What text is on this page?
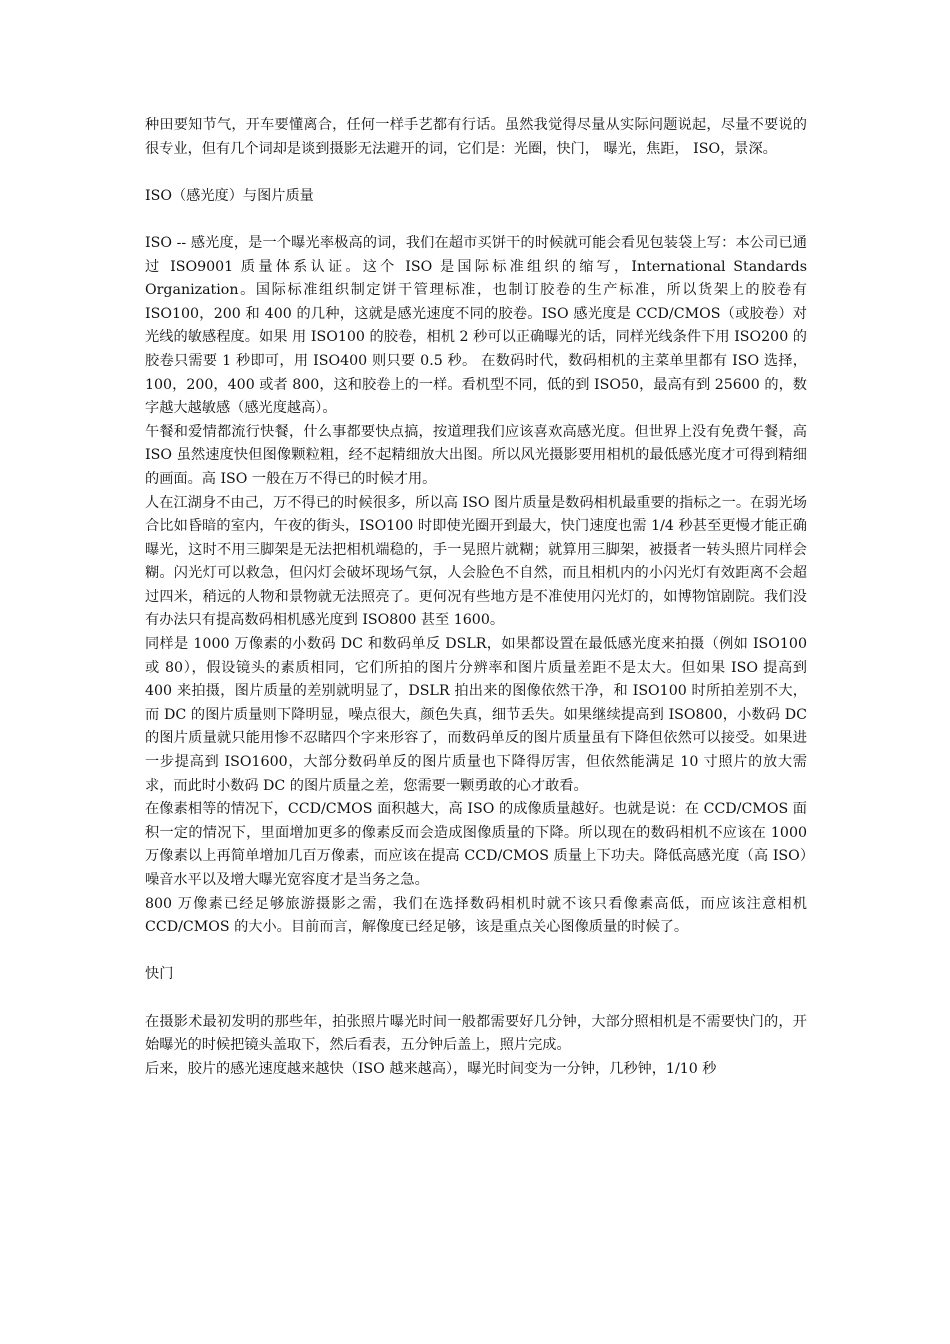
种田要知节气，开车要懂离合，任何一样手艺都有行话。虽然我觉得尽量从实际问题说起，尽量不要说的很专业，但有几个词却是谈到摄影无法避开的词，它们是：光圈，快门， 曝光，焦距， ISO，景深。

ISO（感光度）与图片质量

ISO -- 感光度，是一个曝光率极高的词，我们在超市买饼干的时候就可能会看见包装袋上写：本公司已通过 ISO9001 质量体系认证。这个 ISO 是国际标准组织的缩写，International Standards Organization。国际标准组织制定饼干管理标准，也制订胶卷的生产标准，所以货架上的胶卷有 ISO100，200 和 400 的几种，这就是感光速度不同的胶卷。ISO 感光度是 CCD/CMOS（或胶卷）对光线的敏感程度。如果 用 ISO100 的胶卷，相机 2 秒可以正确曝光的话，同样光线条件下用 ISO200 的胶卷只需要 1 秒即可，用 ISO400 则只要 0.5 秒。 在数码时代，数码相机的主菜单里都有 ISO 选择，100，200，400 或者 800，这和胶卷上的一样。看机型不同，低的到 ISO50，最高有到 25600 的，数字越大越敏感（感光度越高）。

午餐和爱情都流行快餐，什么事都要快点搞，按道理我们应该喜欢高感光度。但世界上没有免费午餐，高 ISO 虽然速度快但图像颗粒粗，经不起精细放大出图。所以风光摄影要用相机的最低感光度才可得到精细的画面。高 ISO 一般在万不得已的时候才用。

人在江湖身不由己，万不得已的时候很多，所以高 ISO 图片质量是数码相机最重要的指标之一。在弱光场合比如昏暗的室内，午夜的街头，ISO100 时即使光圈开到最大，快门速度也需 1/4 秒甚至更慢才能正确曝光，这时不用三脚架是无法把相机端稳的，手一晃照片就糊；就算用三脚架，被摄者一转头照片同样会糊。闪光灯可以救急，但闪灯会破坏现场气氛，人会脸色不自然，而且相机内的小闪光灯有效距离不会超过四米，稍远的人物和景物就无法照亮了。更何况有些地方是不准使用闪光灯的，如博物馆剧院。我们没有办法只有提高数码相机感光度到 ISO800 甚至 1600。

同样是 1000 万像素的小数码 DC 和数码单反 DSLR，如果都设置在最低感光度来拍摄（例如 ISO100 或 80），假设镜头的素质相同，它们所拍的图片分辨率和图片质量差距不是太大。但如果 ISO 提高到 400 来拍摄，图片质量的差别就明显了，DSLR 拍出来的图像依然干净，和 ISO100 时所拍差别不大，而 DC 的图片质量则下降明显，噪点很大，颜色失真，细节丢失。如果继续提高到 ISO800，小数码 DC 的图片质量就只能用惨不忍睹四个字来形容了，而数码单反的图片质量虽有下降但依然可以接受。如果进一步提高到 ISO1600，大部分数码单反的图片质量也下降得厉害，但依然能满足 10 寸照片的放大需求，而此时小数码 DC 的图片质量之差，您需要一颗勇敢的心才敢看。

在像素相等的情况下，CCD/CMOS 面积越大，高 ISO 的成像质量越好。也就是说：在 CCD/CMOS 面积一定的情况下，里面增加更多的像素反而会造成图像质量的下降。所以现在的数码相机不应该在 1000 万像素以上再简单增加几百万像素，而应该在提高 CCD/CMOS 质量上下功夫。降低高感光度（高 ISO）噪音水平以及增大曝光宽容度才是当务之急。

800 万像素已经足够旅游摄影之需，我们在选择数码相机时就不该只看像素高低，而应该注意相机 CCD/CMOS 的大小。目前而言，解像度已经足够，该是重点关心图像质量的时候了。

快门

在摄影术最初发明的那些年，拍张照片曝光时间一般都需要好几分钟，大部分照相机是不需要快门的，开始曝光的时候把镜头盖取下，然后看表，五分钟后盖上，照片完成。

后来，胶片的感光速度越来越快（ISO 越来越高），曝光时间变为一分钟，几秒钟，1/10 秒
